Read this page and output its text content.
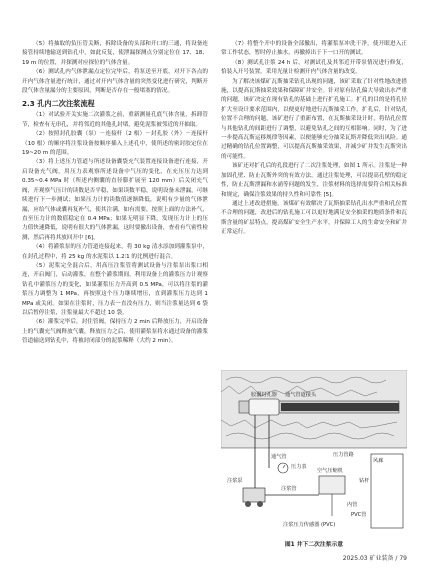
（5）将抽取的负压管关断，拆除设备的头部和开口的三通，将设备连接管持续地输送到钻孔中，如此反复，使泄漏探测点分别定位在 17、18、19 m 的位置，并探测对应探位的气体含量。

（6）测试孔内气体泄漏点定位完毕后，将泵送至开底，对开下各点的开内气体含量进行统计，通过对开内气体含量的突然变化进行研究，判断开段气体含量漏分的主要原因，判断是否存在一般堵塞的情况。

2.3 孔内二次注浆流程

（1）对试验开关实施二次灌浆之前，重新测量孔底气体含量，拆卸管节，检查有无串孔，并将邻近的其他孔封堵，避免泥浆被邻近的开抽取。

（2）按照封孔胶囊（泵）－连接杆（2 根）－封孔胶（外）－连接杆（10 根）的顺序将注浆设备按顺序插入上述孔中，使所述的密封胶定位在 19~20 m 的范围。

（3）将上述压力管道与所述设备囊袋充气装置连接设备进行连接，开启设备充气阀，用压力表观察所述设备中气压的变化，在充压压力达到 0.35~0.4 MPa 时（所述内侧囊的直径膨扩展至 120 mm）后关闭充气阀，开观察气压计的读数是否平稳，如果读数平稳，说明设备未泄漏，可继续进行下一步测试；如果压力计的读数值逐渐降低，说明有少量的气体泄漏，应给气体或囊再复补气，使其注满，如有需要，按照上面的方法补气，直至压力计的数值稳定在 0.4 MPa；如果无明显下降，发现压力计上的压力值快速降低，说明有很大的气体泄漏，这时要撤出设备，查看有气密性检测，然后再将其放回开中 [6]。

（4）将灌浆泵的压力管道连接起来，将 30 kg 清水添加到灌浆泵中，在封孔过程中，将 25 kg 的水泥浆以 1.2∶1 的比例进行混合。

（5）泥浆完全混合后，用高压注浆管将测试设备与注浆泵出浆口相连，开启阀门，启动灌浆，在整个灌浆期间，利用设备上的灌浆压力计观察钻孔中灌浆压力的变化，如果灌浆压力升高到 0.5 MPa，可以将注浆的灌浆压力调整为 1 MPa，再按照这个压力继续增压，直到灌浆压力达到 1 MPa 或关闭。如果在注浆时，压力表一直没有压力，则当注浆量达到 6 袋以后暂停注浆，注浆量最大不超过 10 袋。

（6）灌浆完毕后，封住管阀，保持压力 2 min 后释放压力，开启设备上的气囊充气阀释放气囊，释放压力之后，使用灌浆泵将水通过设备的灌浆管道输送到钻孔中，将被封闭部分的泥浆稀释（大约 2 min）。

（7）将整个开中的设备全部撤出，将灌浆泵冲洗干净，使开眼进入正常工作状态，暂时停止抽水，再撤掉出于下一口开的测试。

（8）测试孔注浆 24 h 后，对测试孔及其邻近开带泵情况进行修复，恰装入开号装置，采用光量计检测开内气体含量的改变。

为了解决该煤矿瓦斯抽采钻孔出现的问题，该矿采取了针对性地改进措施，以提高瓦斯抽采效果和保障矿井安全。针对原有钻孔偏大导致出水严重的问题，该矿决定在现有钻孔的基础上进行扩孔施工。扩孔的目的是将孔径扩大至设计要求范围内，以便更好地进行瓦斯抽采工作。扩孔后，针对钻孔位置不合理的问题，该矿进行了重新布置，在瓦斯抽采设计时，将钻孔位置与其他钻孔的间距进行了调整，以避免钻孔之间的互相影响。同时，为了进一步提高瓦斯运移规律等因素，以便能够充分抽采瓦斯并降低突出风险。通过精确的钻孔位置调整，可以提高瓦斯抽采效果，并减少矿井发生瓦斯突出的可能性。

该矿还对扩孔后的孔段进行了二次注浆处理，如图 1 所示。注浆是一种加固孔壁、防止瓦斯外突的有效方法。通过注浆处理，可以提高孔壁的稳定性，防止瓦斯泄漏和水涌等问题的发生，注浆材料的选择需要符合相关标准和规定，确保注浆效果的持久性和可靠性 [5]。

通过上述改进措施，该煤矿有效解决了瓦斯抽采钻孔出水严重和孔位置不合理的问题，改进后的钻孔施工可以更好地满足安全抽采的地质条件和瓦斯含量的矿层特点，提高煤矿安全生产水平，并保障工人的生命安全和矿井正常运行。

胶囊封孔器 通气管道接头
压力表
通气管
注浆泵
注浆管
空气压缩机
风廊
内管
钻杆
压力管路
PVC管
注浆压力传感器 (PVC)
图1 井下二次注浆示意
2025.03 矿业装备 / 79
